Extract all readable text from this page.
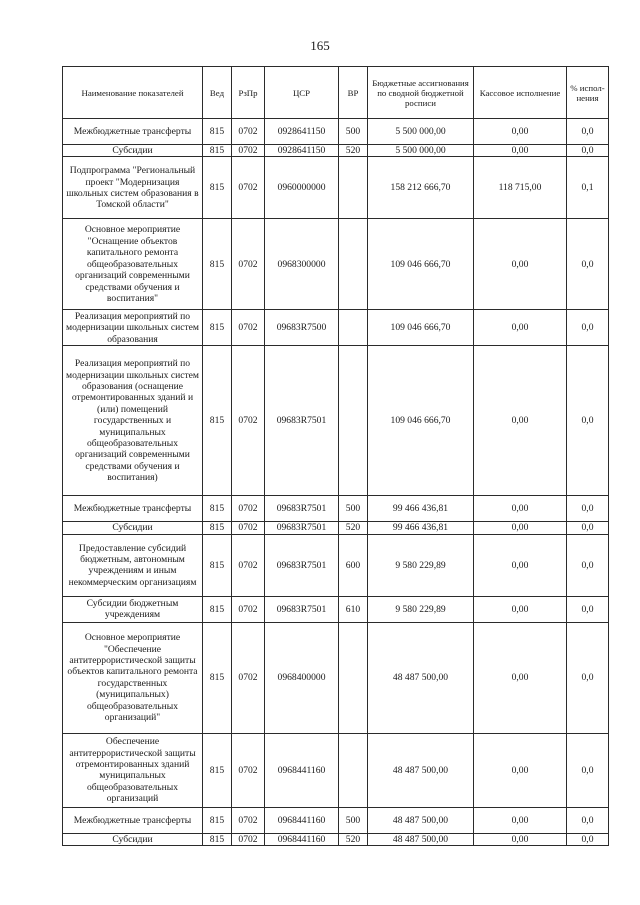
165
Наименование показателей	Вед	РзПр	ЦСР	ВР	Бюджетные ассигнования по сводной бюджетной росписи	Кассовое исполнение	% испол-нения
Межбюджетные трансферты	815	0702	0928641150	500	5 500 000,00	0,00	0,0
Субсидии	815	0702	0928641150	520	5 500 000,00	0,00	0,0
Подпрограмма "Региональный проект "Модернизация школьных систем образования в Томской области"	815	0702	0960000000		158 212 666,70	118 715,00	0,1
Основное мероприятие "Оснащение объектов капитального ремонта общеобразовательных организаций современными средствами обучения и воспитания"	815	0702	0968300000		109 046 666,70	0,00	0,0
Реализация мероприятий по модернизации школьных систем образования	815	0702	09683R7500		109 046 666,70	0,00	0,0
Реализация мероприятий по модернизации школьных систем образования (оснащение отремонтированных зданий и (или) помещений государственных и муниципальных общеобразовательных организаций современными средствами обучения и воспитания)	815	0702	09683R7501		109 046 666,70	0,00	0,0
Межбюджетные трансферты	815	0702	09683R7501	500	99 466 436,81	0,00	0,0
Субсидии	815	0702	09683R7501	520	99 466 436,81	0,00	0,0
Предоставление субсидий бюджетным, автономным учреждениям и иным некоммерческим организациям	815	0702	09683R7501	600	9 580 229,89	0,00	0,0
Субсидии бюджетным учреждениям	815	0702	09683R7501	610	9 580 229,89	0,00	0,0
Основное мероприятие "Обеспечение антитеррористической защиты объектов капитального ремонта государственных (муниципальных) общеобразовательных организаций"	815	0702	0968400000		48 487 500,00	0,00	0,0
Обеспечение антитеррористической защиты отремонтированных зданий муниципальных общеобразовательных организаций	815	0702	0968441160		48 487 500,00	0,00	0,0
Межбюджетные трансферты	815	0702	0968441160	500	48 487 500,00	0,00	0,0
Субсидии	815	0702	0968441160	520	48 487 500,00	0,00	0,0
